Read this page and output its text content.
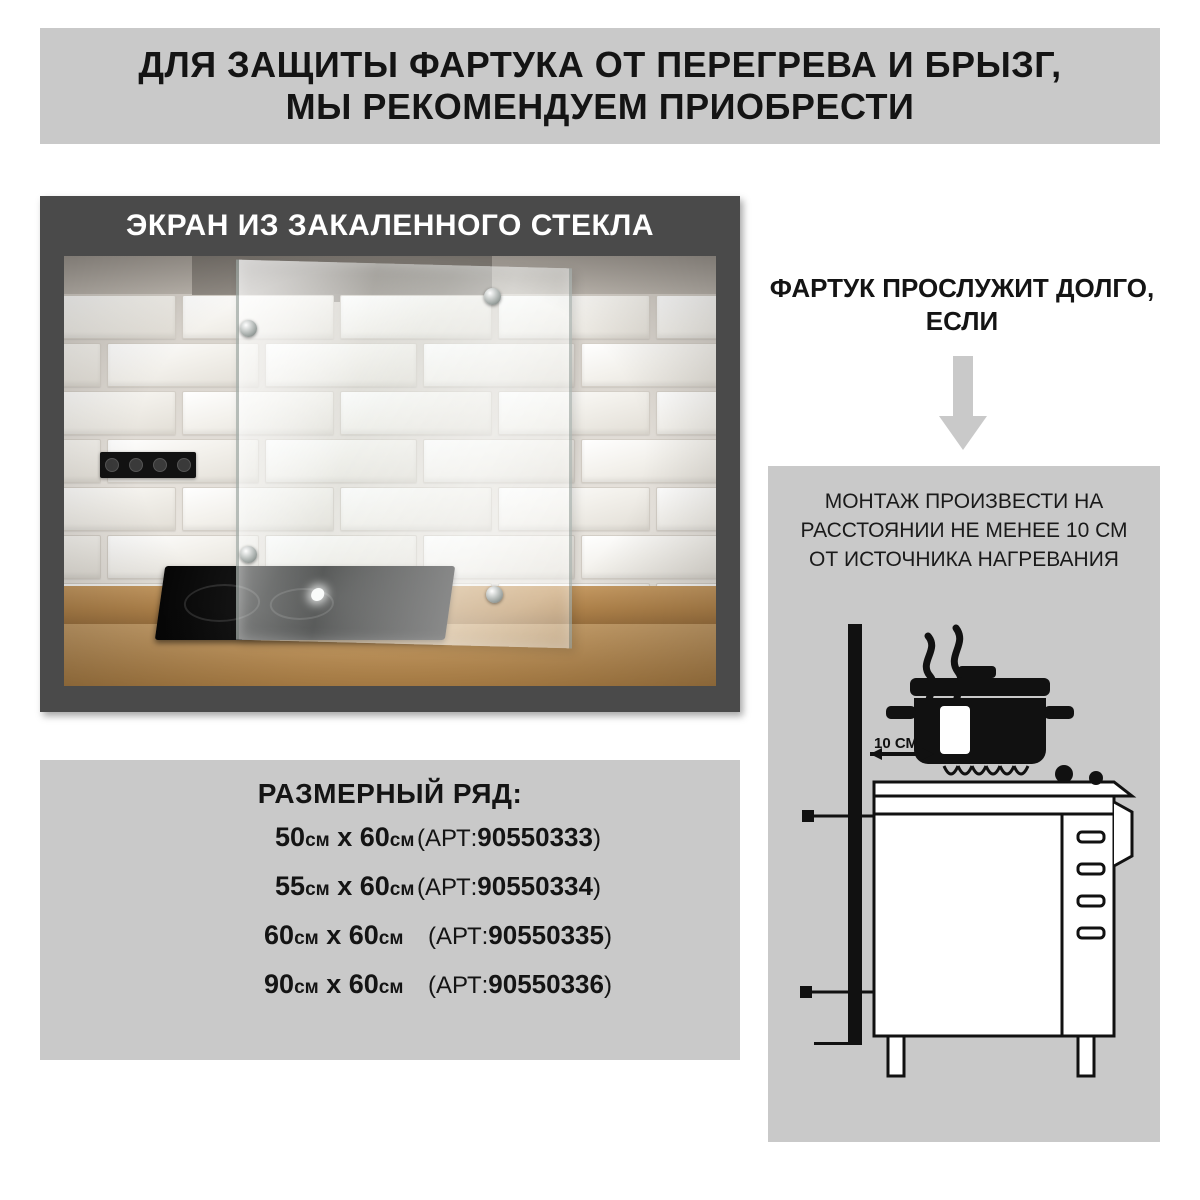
ДЛЯ ЗАЩИТЫ ФАРТУКА ОТ ПЕРЕГРЕВА И БРЫЗГ,
МЫ РЕКОМЕНДУЕМ ПРИОБРЕСТИ
ЭКРАН ИЗ ЗАКАЛЕННОГО СТЕКЛА
ФАРТУК ПРОСЛУЖИТ ДОЛГО,
ЕСЛИ
МОНТАЖ ПРОИЗВЕСТИ НА
РАССТОЯНИИ НЕ МЕНЕЕ 10 СМ
ОТ ИСТОЧНИКА НАГРЕВАНИЯ
10 СМ
РАЗМЕРНЫЙ РЯД:
50см x 60см (АРТ:90550333)
55см x 60см (АРТ:90550334)
60см x 60см	(АРТ:90550335)
90см x 60см	(АРТ:90550336)
